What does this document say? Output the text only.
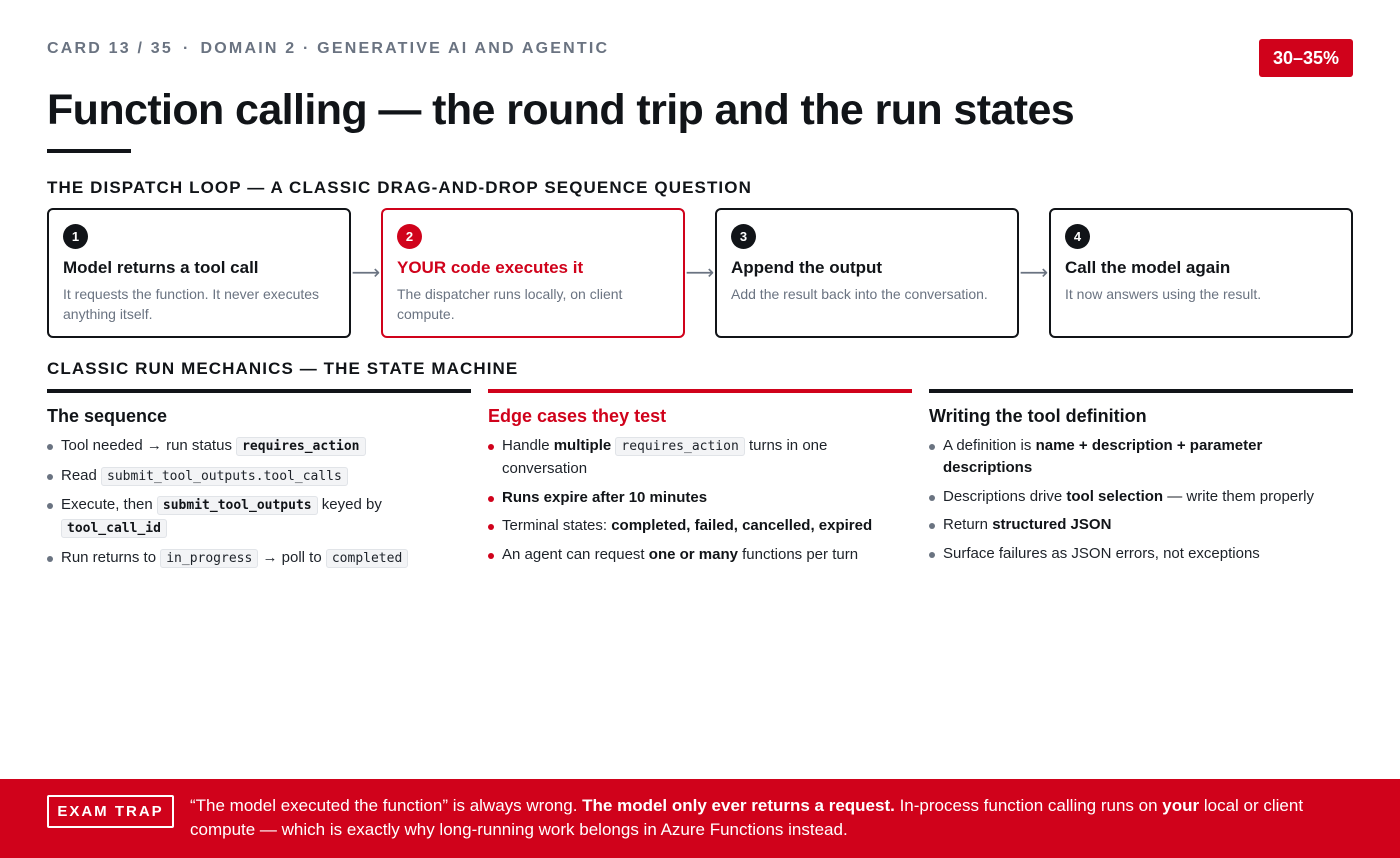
CARD 13 / 35 · DOMAIN 2 · GENERATIVE AI AND AGENTIC	30–35%
Function calling — the round trip and the run states
THE DISPATCH LOOP — A CLASSIC DRAG-AND-DROP SEQUENCE QUESTION
1
Model returns a tool call
It requests the function. It never executes anything itself.
⟶
2
YOUR code executes it
The dispatcher runs locally, on client compute.
⟶
3
Append the output
Add the result back into the conversation.
⟶
4
Call the model again
It now answers using the result.
CLASSIC RUN MECHANICS — THE STATE MACHINE
The sequence
Tool needed → run status requires_action
Read submit_tool_outputs.tool_calls
Execute, then submit_tool_outputs keyed by tool_call_id
Run returns to in_progress → poll to completed
Edge cases they test
Handle multiple requires_action turns in one conversation
Runs expire after 10 minutes
Terminal states: completed, failed, cancelled, expired
An agent can request one or many functions per turn
Writing the tool definition
A definition is name + description + parameter descriptions
Descriptions drive tool selection — write them properly
Return structured JSON
Surface failures as JSON errors, not exceptions
EXAM TRAP	“The model executed the function” is always wrong. The model only ever returns a request. In-process function calling runs on your local or client compute — which is exactly why long-running work belongs in Azure Functions instead.
